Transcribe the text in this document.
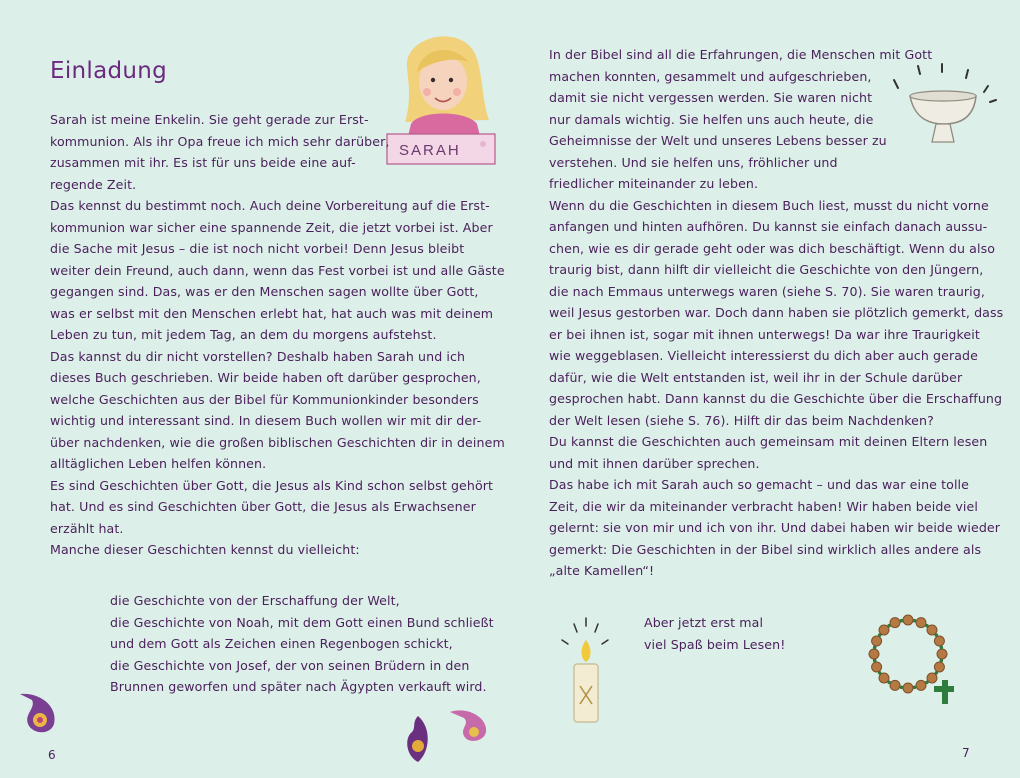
Einladung
SARAH
Sarah ist meine Enkelin. Sie geht gerade zur Erst-
kommunion. Als ihr Opa freue ich mich sehr darüber,
zusammen mit ihr. Es ist für uns beide eine auf-
regende Zeit.
Das kennst du bestimmt noch. Auch deine Vorbereitung auf die Erst-
kommunion war sicher eine spannende Zeit, die jetzt vorbei ist. Aber
die Sache mit Jesus – die ist noch nicht vorbei! Denn Jesus bleibt
weiter dein Freund, auch dann, wenn das Fest vorbei ist und alle Gäste
gegangen sind. Das, was er den Menschen sagen wollte über Gott,
was er selbst mit den Menschen erlebt hat, hat auch was mit deinem
Leben zu tun, mit jedem Tag, an dem du morgens aufstehst.
Das kannst du dir nicht vorstellen? Deshalb haben Sarah und ich
dieses Buch geschrieben. Wir beide haben oft darüber gesprochen,
welche Geschichten aus der Bibel für Kommunionkinder besonders
wichtig und interessant sind. In diesem Buch wollen wir mit dir der-
über nachdenken, wie die großen biblischen Geschichten dir in deinem
alltäglichen Leben helfen können.
Es sind Geschichten über Gott, die Jesus als Kind schon selbst gehört
hat. Und es sind Geschichten über Gott, die Jesus als Erwachsener
erzählt hat.
Manche dieser Geschichten kennst du vielleicht:
die Geschichte von der Erschaffung der Welt,
die Geschichte von Noah, mit dem Gott einen Bund schließt
und dem Gott als Zeichen einen Regenbogen schickt,
die Geschichte von Josef, der von seinen Brüdern in den
Brunnen geworfen und später nach Ägypten verkauft wird.
6
In der Bibel sind all die Erfahrungen, die Menschen mit Gott
machen konnten, gesammelt und aufgeschrieben,
damit sie nicht vergessen werden. Sie waren nicht
nur damals wichtig. Sie helfen uns auch heute, die
Geheimnisse der Welt und unseres Lebens besser zu
verstehen. Und sie helfen uns, fröhlicher und
friedlicher miteinander zu leben.
Wenn du die Geschichten in diesem Buch liest, musst du nicht vorne
anfangen und hinten aufhören. Du kannst sie einfach danach aussu-
chen, wie es dir gerade geht oder was dich beschäftigt. Wenn du also
traurig bist, dann hilft dir vielleicht die Geschichte von den Jüngern,
die nach Emmaus unterwegs waren (siehe S. 70). Sie waren traurig,
weil Jesus gestorben war. Doch dann haben sie plötzlich gemerkt, dass
er bei ihnen ist, sogar mit ihnen unterwegs! Da war ihre Traurigkeit
wie weggeblasen. Vielleicht interessierst du dich aber auch gerade
dafür, wie die Welt entstanden ist, weil ihr in der Schule darüber
gesprochen habt. Dann kannst du die Geschichte über die Erschaffung
der Welt lesen (siehe S. 76). Hilft dir das beim Nachdenken?
Du kannst die Geschichten auch gemeinsam mit deinen Eltern lesen
und mit ihnen darüber sprechen.
Das habe ich mit Sarah auch so gemacht – und das war eine tolle
Zeit, die wir da miteinander verbracht haben! Wir haben beide viel
gelernt: sie von mir und ich von ihr. Und dabei haben wir beide wieder
gemerkt: Die Geschichten in der Bibel sind wirklich alles andere als
„alte Kamellen“!
Aber jetzt erst mal
viel Spaß beim Lesen!
7
